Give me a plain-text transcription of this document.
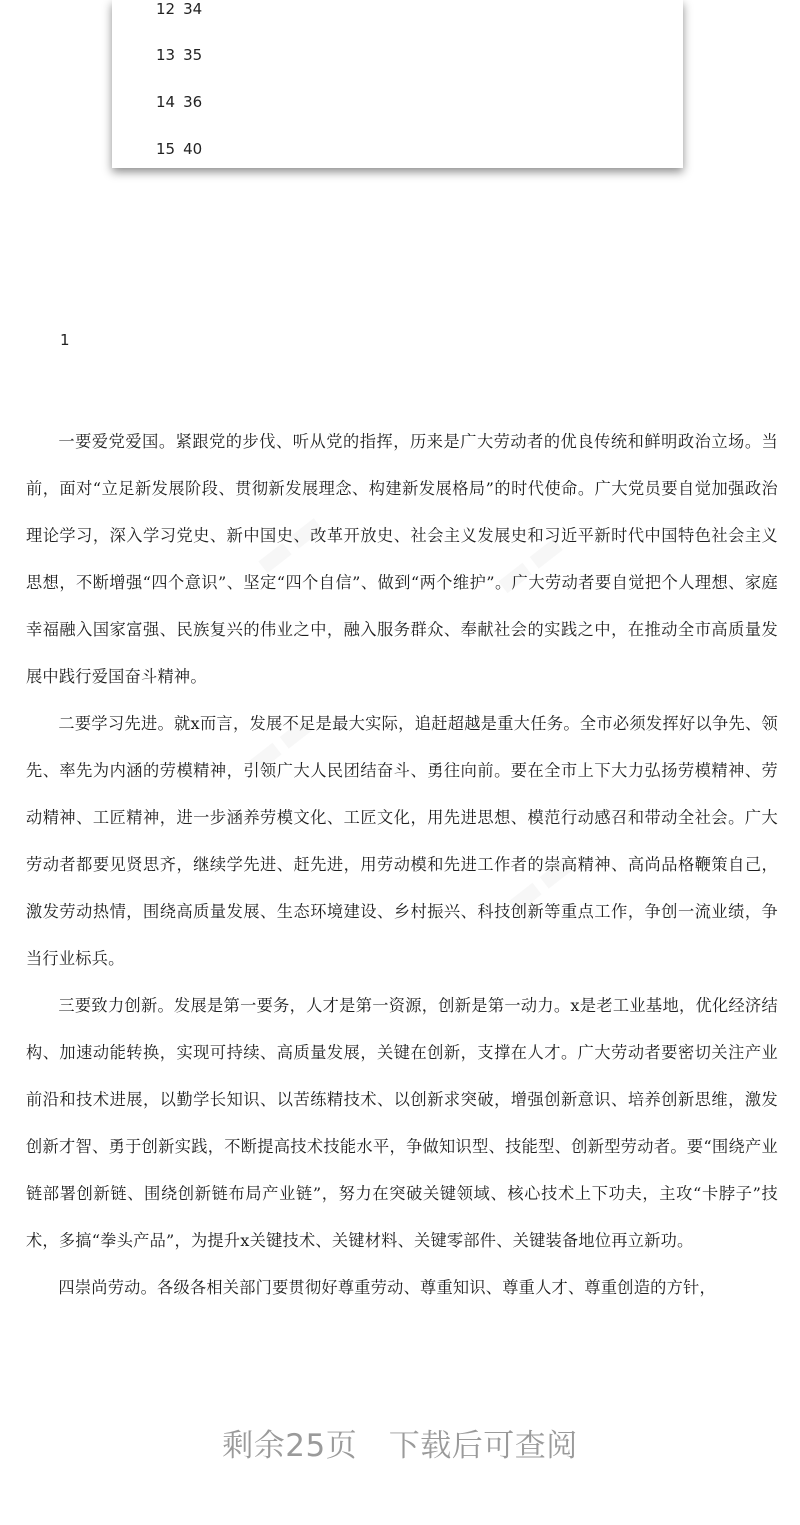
12 34
13 35
14 36
15 40
1
▬▬	▬▬
▬▬
▬▬

一要爱党爱国。紧跟党的步伐、听从党的指挥，历来是广大劳动者的优良传统和鲜明政治立场。当前，面对“立足新发展阶段、贯彻新发展理念、构建新发展格局”的时代使命。广大党员要自觉加强政治理论学习，深入学习党史、新中国史、改革开放史、社会主义发展史和习近平新时代中国特色社会主义思想，不断增强“四个意识”、坚定“四个自信”、做到“两个维护”。广大劳动者要自觉把个人理想、家庭幸福融入国家富强、民族复兴的伟业之中，融入服务群众、奉献社会的实践之中，在推动全市高质量发展中践行爱国奋斗精神。

二要学习先进。就x而言，发展不足是最大实际，追赶超越是重大任务。全市必须发挥好以争先、领先、率先为内涵的劳模精神，引领广大人民团结奋斗、勇往向前。要在全市上下大力弘扬劳模精神、劳动精神、工匠精神，进一步涵养劳模文化、工匠文化，用先进思想、模范行动感召和带动全社会。广大劳动者都要见贤思齐，继续学先进、赶先进，用劳动模和先进工作者的崇高精神、高尚品格鞭策自己，激发劳动热情，围绕高质量发展、生态环境建设、乡村振兴、科技创新等重点工作，争创一流业绩，争当行业标兵。

三要致力创新。发展是第一要务，人才是第一资源，创新是第一动力。x是老工业基地，优化经济结构、加速动能转换，实现可持续、高质量发展，关键在创新，支撑在人才。广大劳动者要密切关注产业前沿和技术进展，以勤学长知识、以苦练精技术、以创新求突破，增强创新意识、培养创新思维，激发创新才智、勇于创新实践，不断提高技术技能水平，争做知识型、技能型、创新型劳动者。要“围绕产业链部署创新链、围绕创新链布局产业链”，努力在突破关键领域、核心技术上下功夫，主攻“卡脖子”技术，多搞“拳头产品”，为提升x关键技术、关键材料、关键零部件、关键装备地位再立新功。

四崇尚劳动。各级各相关部门要贯彻好尊重劳动、尊重知识、尊重人才、尊重创造的方针，

剩余25页　下载后可查阅
